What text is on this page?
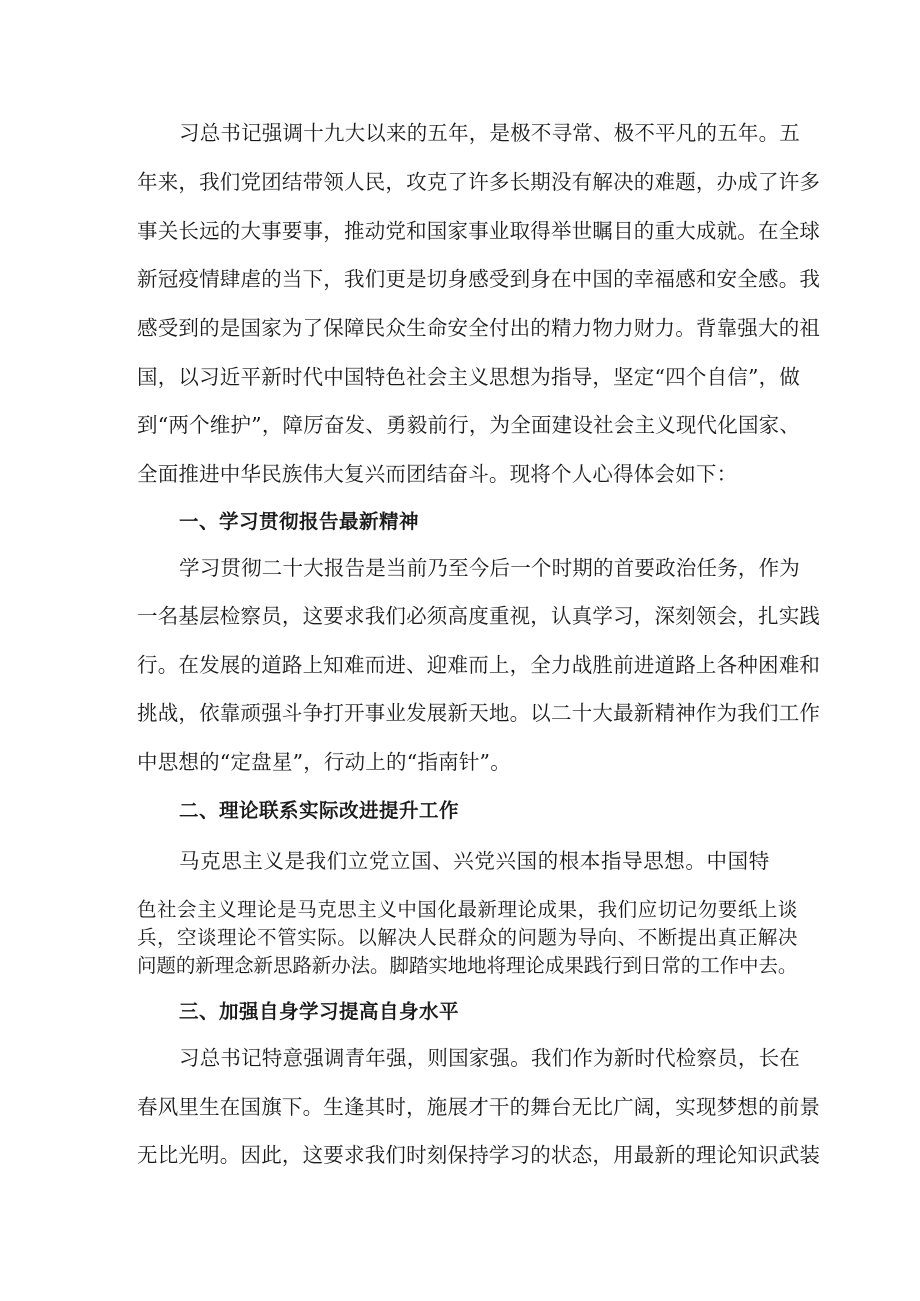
习总书记强调十九大以来的五年，是极不寻常、极不平凡的五年。五
年来，我们党团结带领人民，攻克了许多长期没有解决的难题，办成了许多
事关长远的大事要事，推动党和国家事业取得举世瞩目的重大成就。在全球
新冠疫情肆虐的当下，我们更是切身感受到身在中国的幸福感和安全感。我
感受到的是国家为了保障民众生命安全付出的精力物力财力。背靠强大的祖
国，以习近平新时代中国特色社会主义思想为指导，坚定“四个自信”，做
到“两个维护”，障厉奋发、勇毅前行，为全面建设社会主义现代化国家、
全面推进中华民族伟大复兴而团结奋斗。现将个人心得体会如下：
一、学习贯彻报告最新精神
学习贯彻二十大报告是当前乃至今后一个时期的首要政治任务，作为
一名基层检察员，这要求我们必须高度重视，认真学习，深刻领会，扎实践
行。在发展的道路上知难而进、迎难而上，全力战胜前进道路上各种困难和
挑战，依靠顽强斗争打开事业发展新天地。以二十大最新精神作为我们工作
中思想的“定盘星”，行动上的“指南针”。
二、理论联系实际改进提升工作
马克思主义是我们立党立国、兴党兴国的根本指导思想。中国特
色社会主义理论是马克思主义中国化最新理论成果，我们应切记勿要纸上谈
兵，空谈理论不管实际。以解决人民群众的问题为导向、不断提出真正解决
问题的新理念新思路新办法。脚踏实地地将理论成果践行到日常的工作中去。
三、加强自身学习提高自身水平
习总书记特意强调青年强，则国家强。我们作为新时代检察员，长在
春风里生在国旗下。生逢其时，施展才干的舞台无比广阔，实现梦想的前景
无比光明。因此，这要求我们时刻保持学习的状态，用最新的理论知识武装
